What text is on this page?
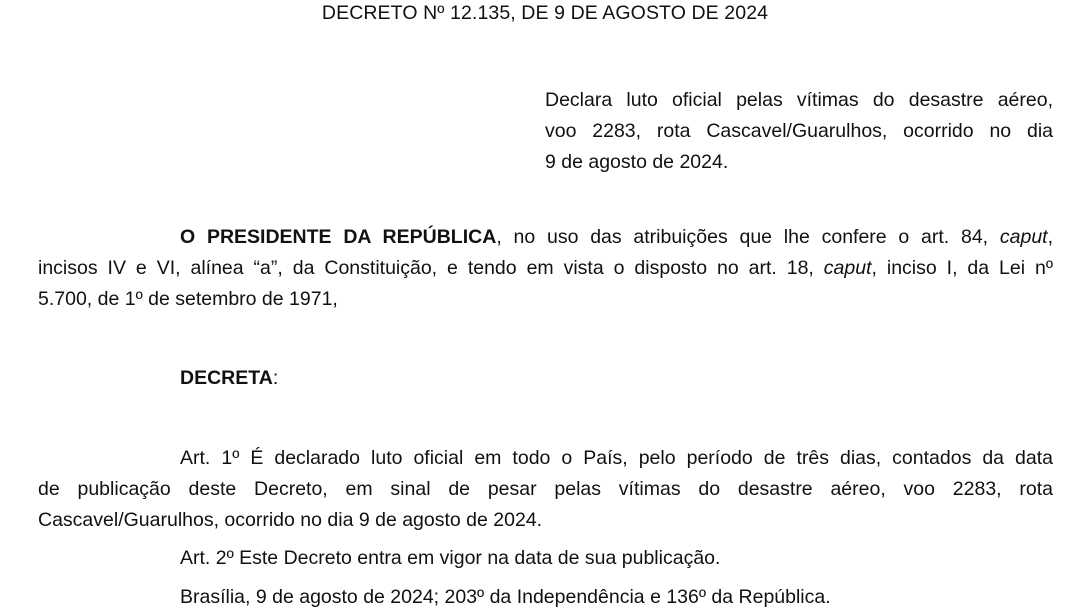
DECRETO Nº 12.135, DE 9 DE AGOSTO DE 2024
Declara luto oficial pelas vítimas do desastre aéreo,
voo 2283, rota Cascavel/Guarulhos, ocorrido no dia
9 de agosto de 2024.
O PRESIDENTE DA REPÚBLICA, no uso das atribuições que lhe confere o art. 84, caput,
incisos IV e VI, alínea “a”, da Constituição, e tendo em vista o disposto no art. 18, caput, inciso I, da Lei nº
5.700, de 1º de setembro de 1971,
DECRETA:
Art. 1º É declarado luto oficial em todo o País, pelo período de três dias, contados da data
de publicação deste Decreto, em sinal de pesar pelas vítimas do desastre aéreo, voo 2283, rota
Cascavel/Guarulhos, ocorrido no dia 9 de agosto de 2024.

Art. 2º Este Decreto entra em vigor na data de sua publicação.

Brasília, 9 de agosto de 2024; 203º da Independência e 136º da República.
